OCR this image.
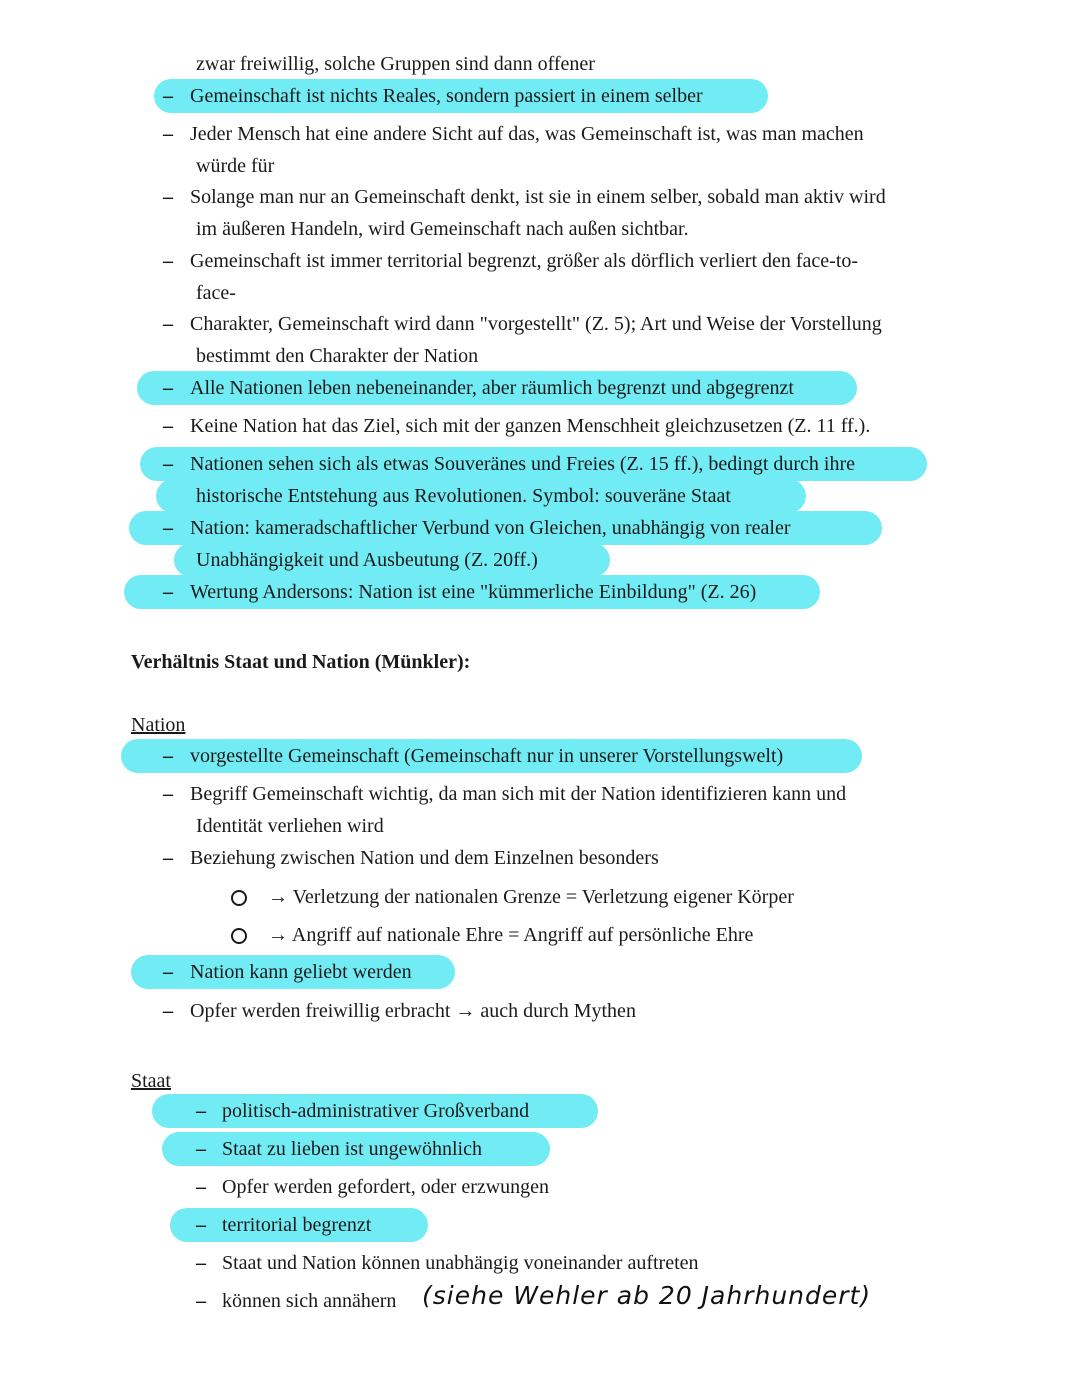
zwar freiwillig, solche Gruppen sind dann offener
– Gemeinschaft ist nichts Reales, sondern passiert in einem selber
– Jeder Mensch hat eine andere Sicht auf das, was Gemeinschaft ist, was man machen
würde für
– Solange man nur an Gemeinschaft denkt, ist sie in einem selber, sobald man aktiv wird
im äußeren Handeln, wird Gemeinschaft nach außen sichtbar.
– Gemeinschaft ist immer territorial begrenzt, größer als dörflich verliert den face-to-
face-
– Charakter, Gemeinschaft wird dann "vorgestellt" (Z. 5); Art und Weise der Vorstellung
bestimmt den Charakter der Nation
– Alle Nationen leben nebeneinander, aber räumlich begrenzt und abgegrenzt
– Keine Nation hat das Ziel, sich mit der ganzen Menschheit gleichzusetzen (Z. 11 ff.).
– Nationen sehen sich als etwas Souveränes und Freies (Z. 15 ff.), bedingt durch ihre
historische Entstehung aus Revolutionen. Symbol: souveräne Staat
– Nation: kameradschaftlicher Verbund von Gleichen, unabhängig von realer
Unabhängigkeit und Ausbeutung (Z. 20ff.)
– Wertung Andersons: Nation ist eine "kümmerliche Einbildung" (Z. 26)
Verhältnis Staat und Nation (Münkler):
Nation
– vorgestellte Gemeinschaft (Gemeinschaft nur in unserer Vorstellungswelt)
– Begriff Gemeinschaft wichtig, da man sich mit der Nation identifizieren kann und
Identität verliehen wird
– Beziehung zwischen Nation und dem Einzelnen besonders
→ Verletzung der nationalen Grenze = Verletzung eigener Körper
→ Angriff auf nationale Ehre = Angriff auf persönliche Ehre
– Nation kann geliebt werden
– Opfer werden freiwillig erbracht → auch durch Mythen
Staat
– politisch-administrativer Großverband
– Staat zu lieben ist ungewöhnlich
– Opfer werden gefordert, oder erzwungen
– territorial begrenzt
– Staat und Nation können unabhängig voneinander auftreten
– können sich annähern (siehe Wehler ab 20 Jahrhundert)
